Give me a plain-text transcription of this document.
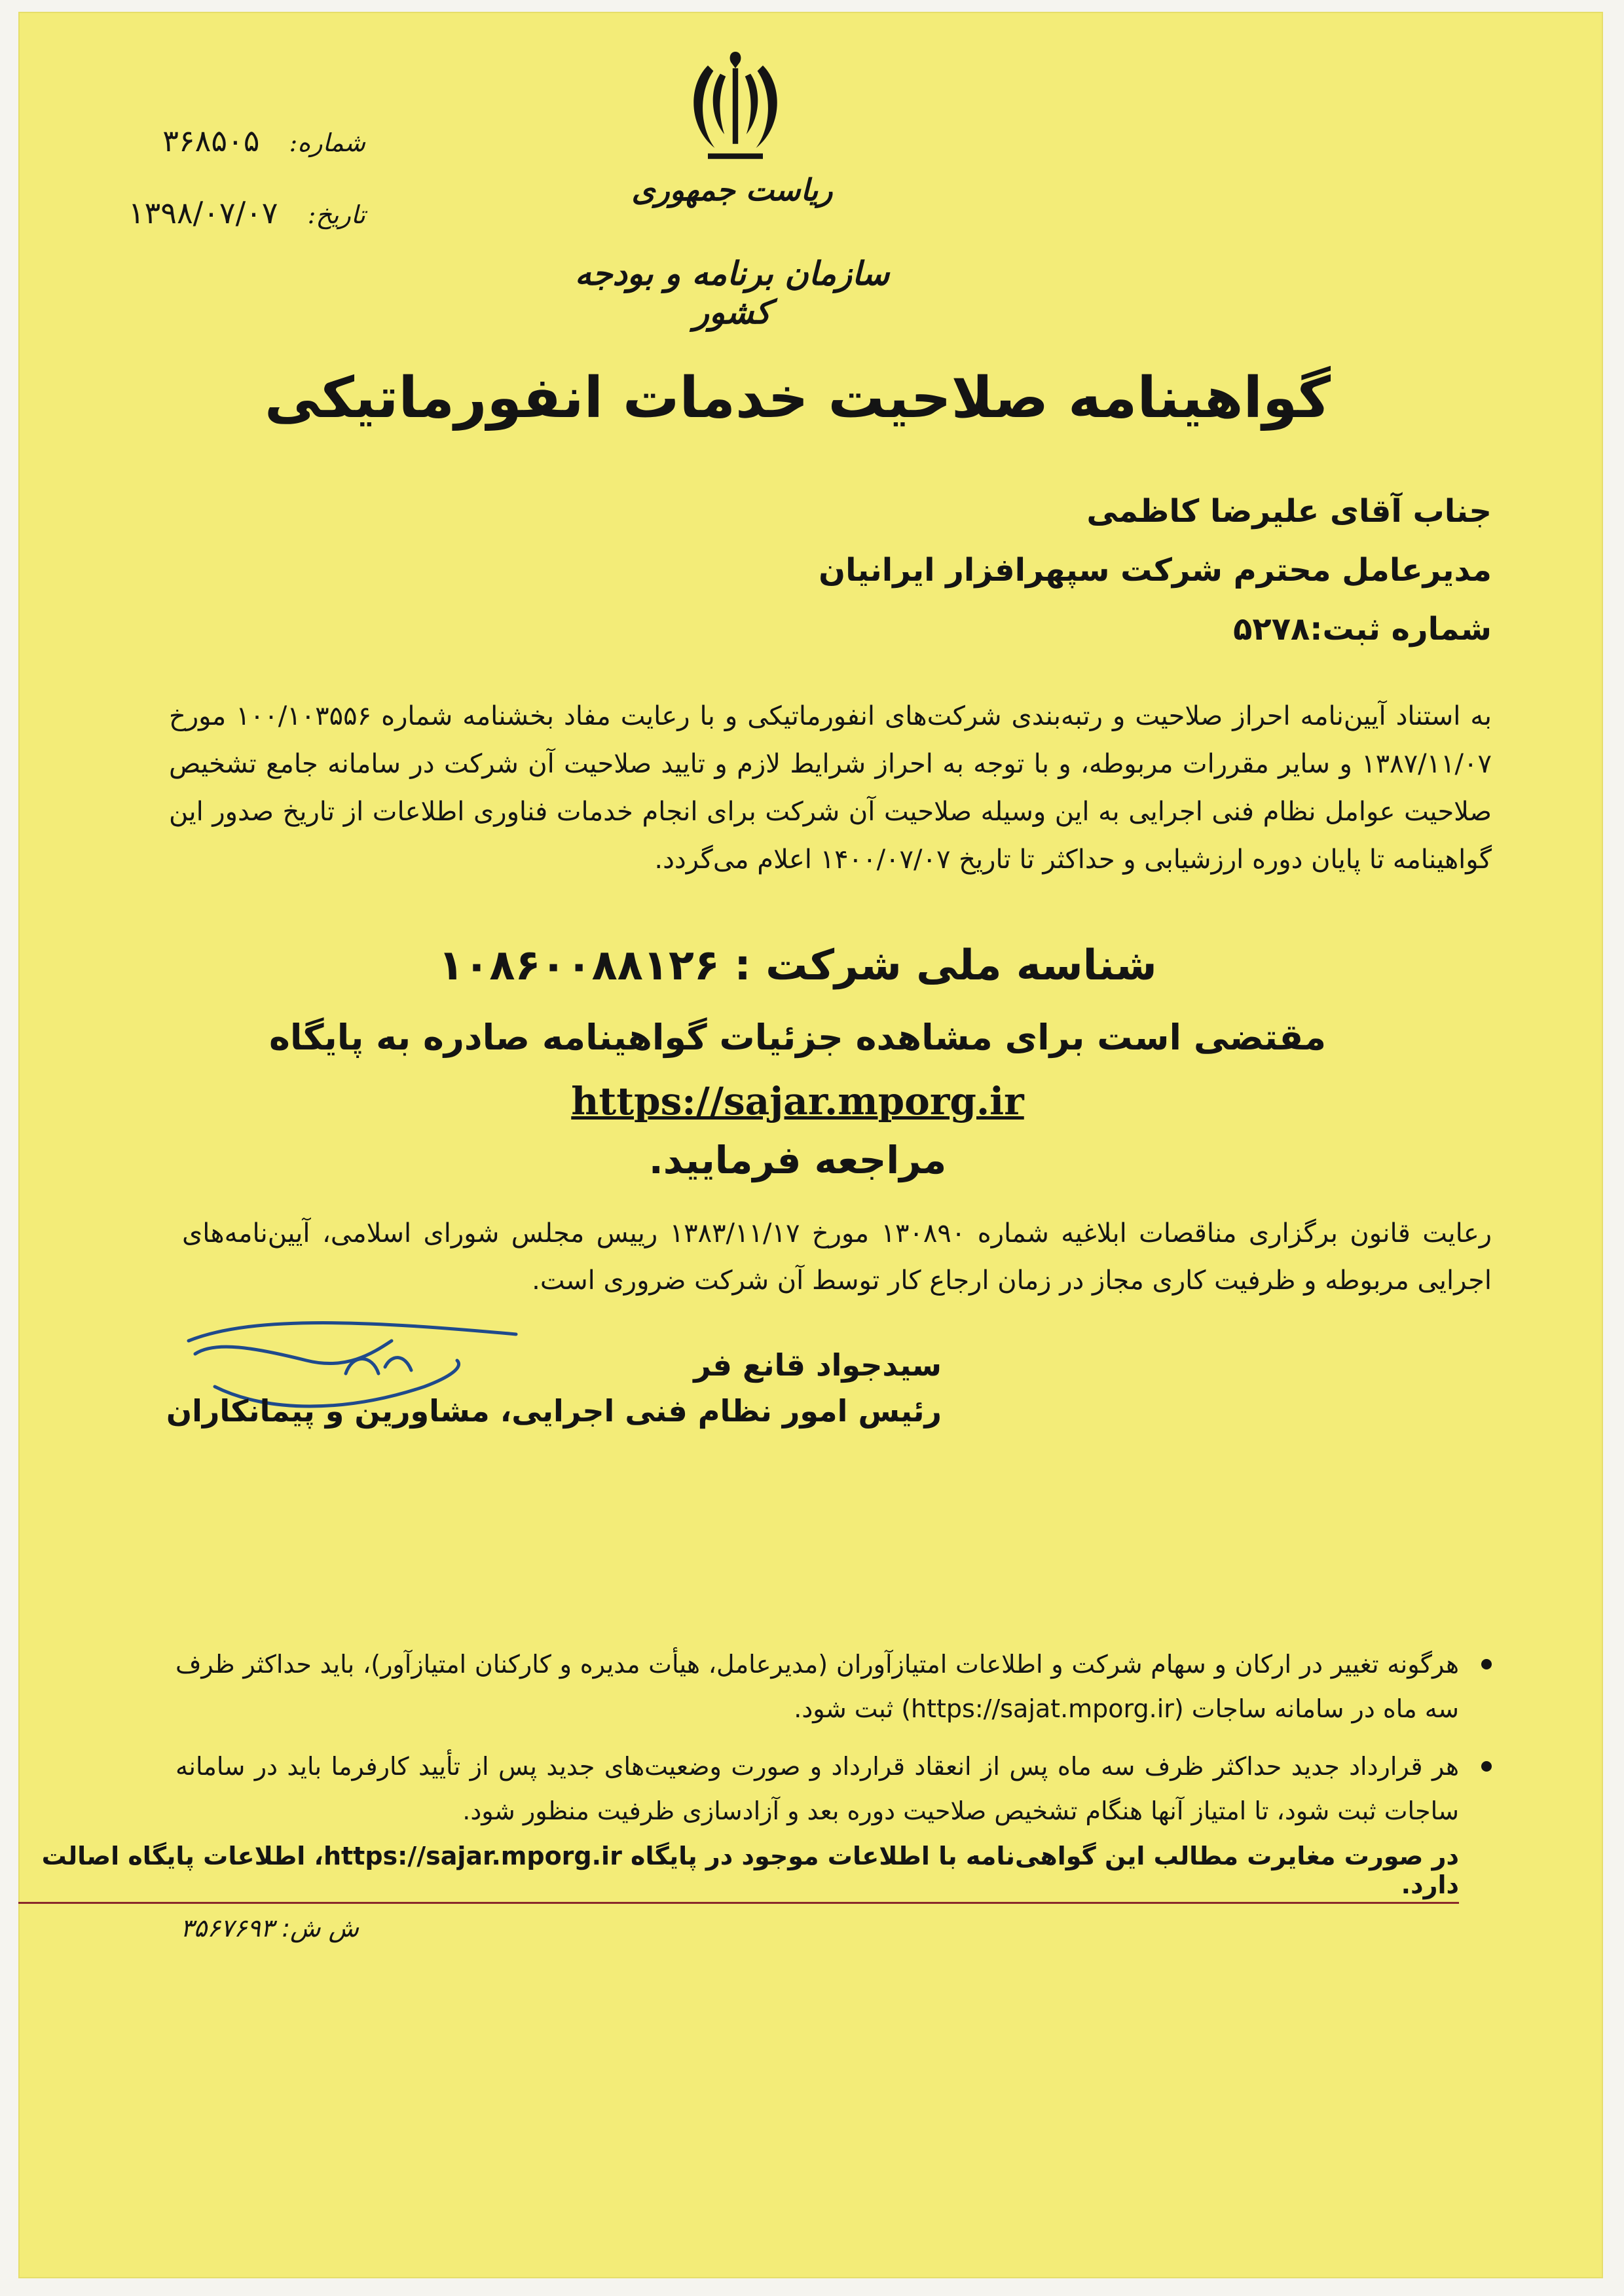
شماره: ۳۶۸۵۰۵
تاریخ: ۱۳۹۸/۰۷/۰۷
ریاست جمهوری
سازمان برنامه و بودجه کشور
گواهینامه صلاحیت خدمات انفورماتیکی
جناب آقای علیرضا کاظمی
مدیرعامل محترم شرکت سپهرافزار ایرانیان
شماره ثبت:۵۲۷۸
به استناد آیین‌نامه احراز صلاحیت و رتبه‌بندی شرکت‌های انفورماتیکی و با رعایت مفاد بخشنامه شماره ۱۰۰/۱۰۳۵۵۶ مورخ ۱۳۸۷/۱۱/۰۷ و سایر مقررات مربوطه، و با توجه به احراز شرایط لازم و تایید صلاحیت آن شرکت در سامانه جامع تشخیص صلاحیت عوامل نظام فنی اجرایی به این وسیله صلاحیت آن شرکت برای انجام خدمات فناوری اطلاعات از تاریخ صدور این گواهینامه تا پایان دوره ارزشیابی و حداکثر تا تاریخ ۱۴۰۰/۰۷/۰۷ اعلام می‌گردد.
شناسه ملی شرکت : ۱۰۸۶۰۰۸۸۱۲۶
مقتضی است برای مشاهده جزئیات گواهینامه صادره به پایگاه
https://sajar.mporg.ir
مراجعه فرمایید.
رعایت قانون برگزاری مناقصات ابلاغیه شماره ۱۳۰۸۹۰ مورخ ۱۳۸۳/۱۱/۱۷ رییس مجلس شورای اسلامی، آیین‌نامه‌های اجرایی مربوطه و ظرفیت کاری مجاز در زمان ارجاع کار توسط آن شرکت ضروری است.
سیدجواد قانع فر
رئیس امور نظام فنی اجرایی، مشاورین و پیمانکاران
هرگونه تغییر در ارکان و سهام شرکت و اطلاعات امتیازآوران (مدیرعامل، هیأت مدیره و کارکنان امتیازآور)، باید حداکثر ظرف سه ماه در سامانه ساجات (https://sajat.mporg.ir) ثبت شود.
هر قرارداد جدید حداکثر ظرف سه ماه پس از انعقاد قرارداد و صورت وضعیت‌های جدید پس از تأیید کارفرما باید در سامانه ساجات ثبت شود، تا امتیاز آنها هنگام تشخیص صلاحیت دوره بعد و آزادسازی ظرفیت منظور شود.
در صورت مغایرت مطالب این گواهی‌نامه با اطلاعات موجود در پایگاه https://sajar.mporg.ir، اطلاعات پایگاه اصالت دارد.
ش ش: ۳۵۶۷۶۹۳
